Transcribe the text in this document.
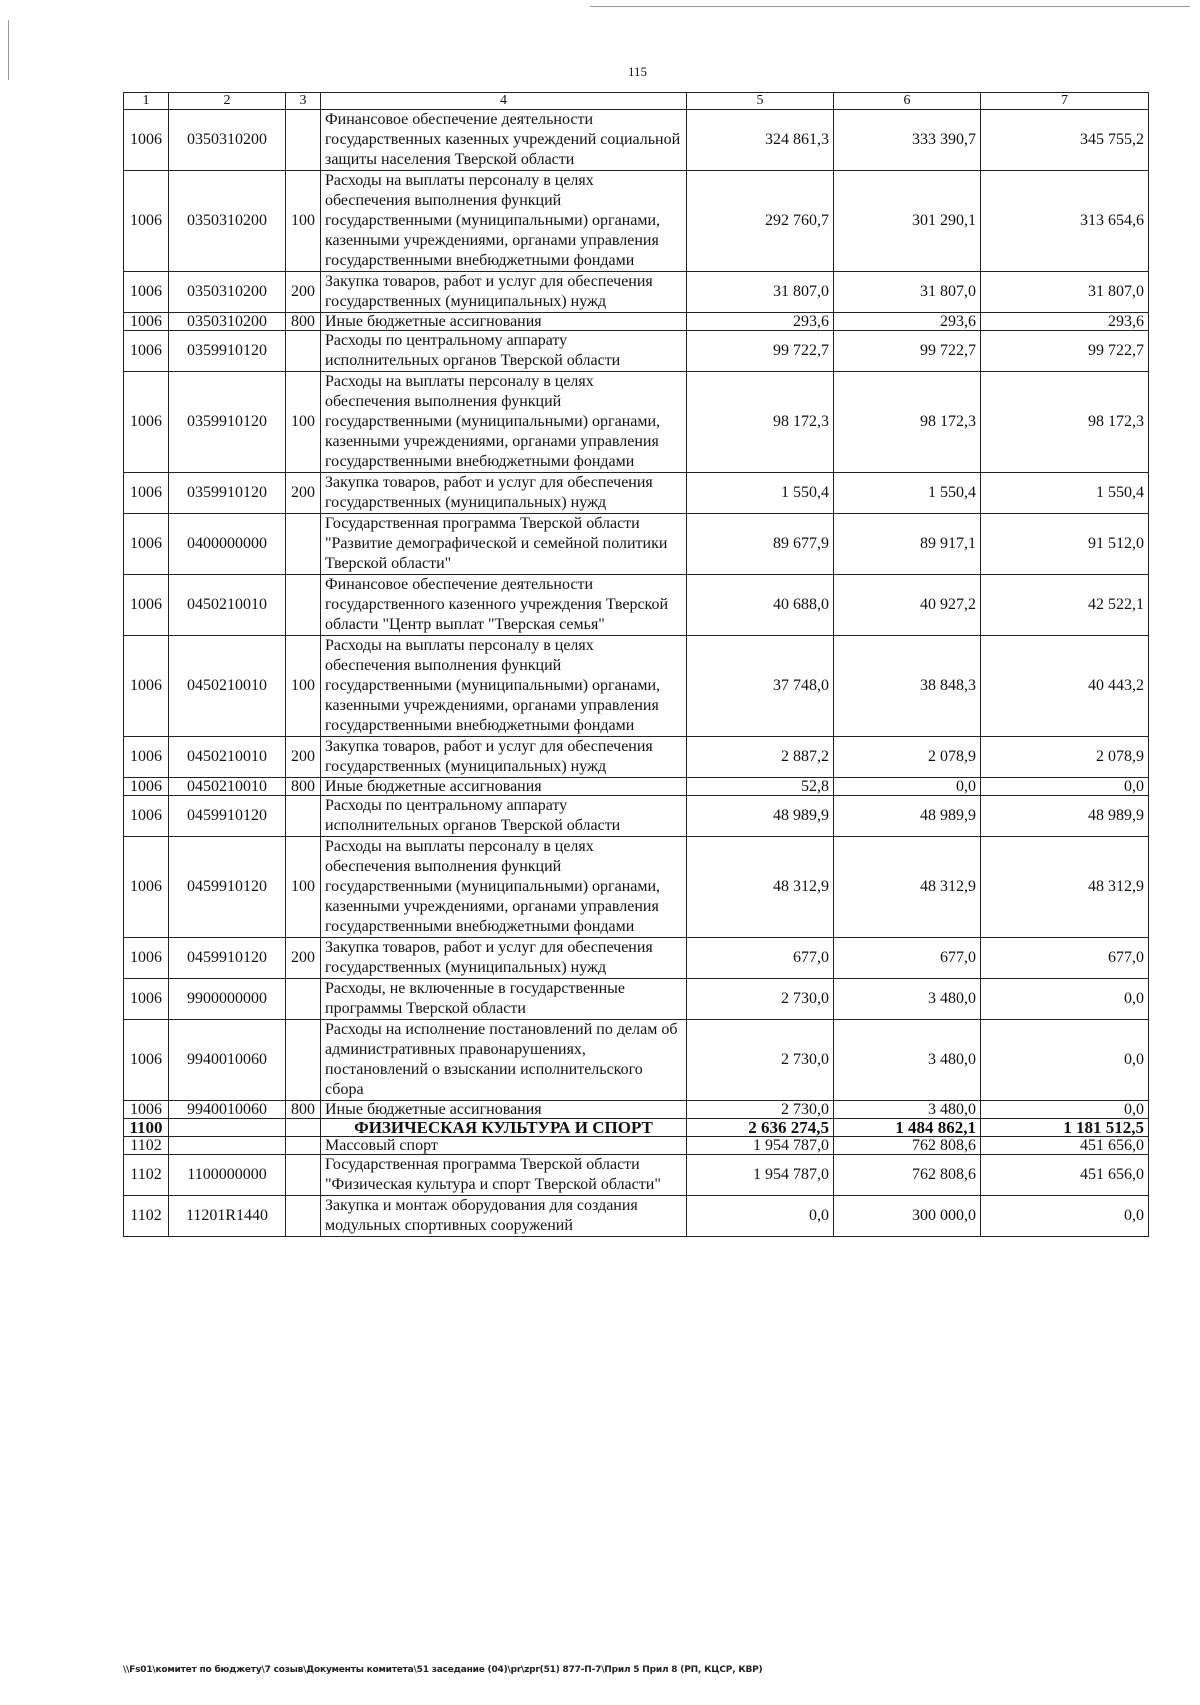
115
1	2	3	4	5	6	7
1006	0350310200		Финансовое обеспечение деятельности государственных казенных учреждений социальной защиты населения Тверской области	324 861,3	333 390,7	345 755,2
1006	0350310200	100	Расходы на выплаты персоналу в целях обеспечения выполнения функций государственными (муниципальными) органами, казенными учреждениями, органами управления государственными внебюджетными фондами	292 760,7	301 290,1	313 654,6
1006	0350310200	200	Закупка товаров, работ и услуг для обеспечения государственных (муниципальных) нужд	31 807,0	31 807,0	31 807,0
1006	0350310200	800	Иные бюджетные ассигнования	293,6	293,6	293,6
1006	0359910120		Расходы по центральному аппарату исполнительных органов Тверской области	99 722,7	99 722,7	99 722,7
1006	0359910120	100	Расходы на выплаты персоналу в целях обеспечения выполнения функций государственными (муниципальными) органами, казенными учреждениями, органами управления государственными внебюджетными фондами	98 172,3	98 172,3	98 172,3
1006	0359910120	200	Закупка товаров, работ и услуг для обеспечения государственных (муниципальных) нужд	1 550,4	1 550,4	1 550,4
1006	0400000000		Государственная программа Тверской области "Развитие демографической и семейной политики Тверской области"	89 677,9	89 917,1	91 512,0
1006	0450210010		Финансовое обеспечение деятельности государственного казенного учреждения Тверской области "Центр выплат "Тверская семья"	40 688,0	40 927,2	42 522,1
1006	0450210010	100	Расходы на выплаты персоналу в целях обеспечения выполнения функций государственными (муниципальными) органами, казенными учреждениями, органами управления государственными внебюджетными фондами	37 748,0	38 848,3	40 443,2
1006	0450210010	200	Закупка товаров, работ и услуг для обеспечения государственных (муниципальных) нужд	2 887,2	2 078,9	2 078,9
1006	0450210010	800	Иные бюджетные ассигнования	52,8	0,0	0,0
1006	0459910120		Расходы по центральному аппарату исполнительных органов Тверской области	48 989,9	48 989,9	48 989,9
1006	0459910120	100	Расходы на выплаты персоналу в целях обеспечения выполнения функций государственными (муниципальными) органами, казенными учреждениями, органами управления государственными внебюджетными фондами	48 312,9	48 312,9	48 312,9
1006	0459910120	200	Закупка товаров, работ и услуг для обеспечения государственных (муниципальных) нужд	677,0	677,0	677,0
1006	9900000000		Расходы, не включенные в государственные программы Тверской области	2 730,0	3 480,0	0,0
1006	9940010060		Расходы на исполнение постановлений по делам об административных правонарушениях, постановлений о взыскании исполнительского сбора	2 730,0	3 480,0	0,0
1006	9940010060	800	Иные бюджетные ассигнования	2 730,0	3 480,0	0,0
1100			ФИЗИЧЕСКАЯ КУЛЬТУРА И СПОРТ	2 636 274,5	1 484 862,1	1 181 512,5
1102			Массовый спорт	1 954 787,0	762 808,6	451 656,0
1102	1100000000		Государственная программа Тверской области "Физическая культура и спорт Тверской области"	1 954 787,0	762 808,6	451 656,0
1102	11201R1440		Закупка и монтаж оборудования для создания модульных спортивных сооружений	0,0	300 000,0	0,0
\\Fs01\комитет по бюджету\7 созыв\Документы комитета\51 заседание (04)\pr\zpr(51) 877-П-7\Прил 5 Прил 8 (РП, КЦСР, КВР)
